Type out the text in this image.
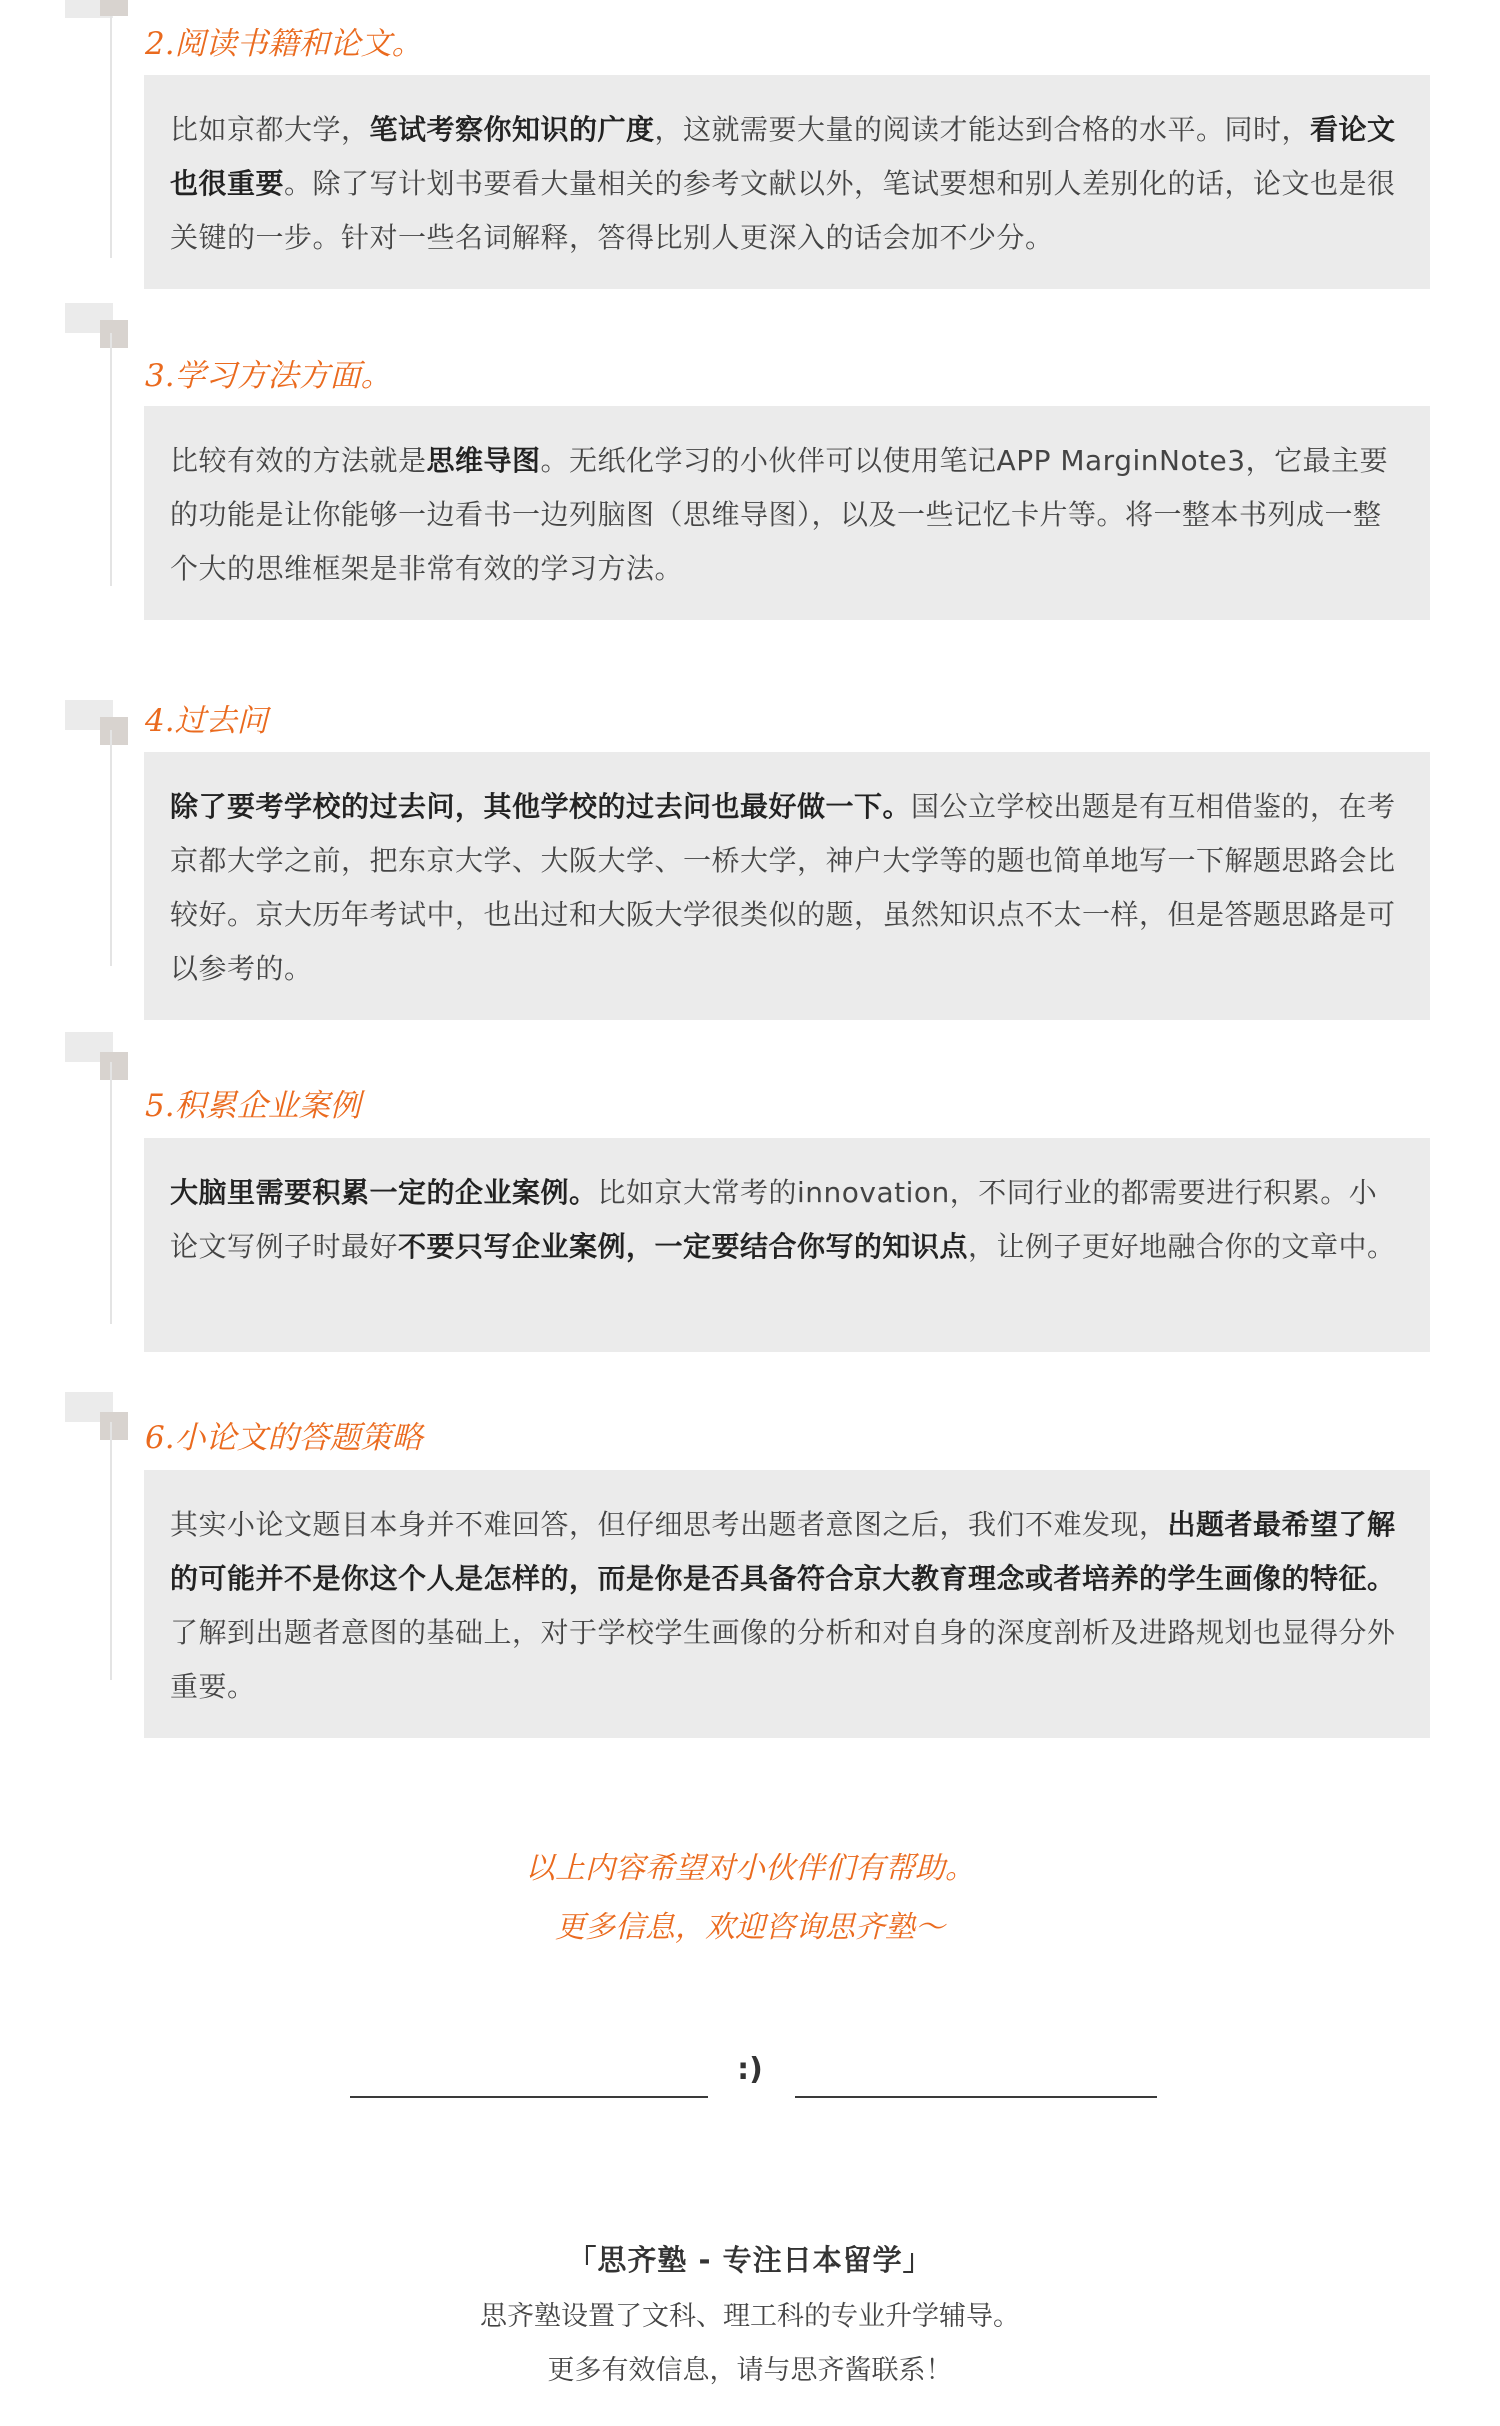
2.阅读书籍和论文。

比如京都大学，笔试考察你知识的广度，这就需要大量的阅读才能达到合格的水平。同时，看论文也很重要。除了写计划书要看大量相关的参考文献以外，笔试要想和别人差别化的话，论文也是很关键的一步。针对一些名词解释，答得比别人更深入的话会加不少分。

3.学习方法方面。

比较有效的方法就是思维导图。无纸化学习的小伙伴可以使用笔记APP MarginNote3，它最主要的功能是让你能够一边看书一边列脑图（思维导图），以及一些记忆卡片等。将一整本书列成一整个大的思维框架是非常有效的学习方法。

4.过去问

除了要考学校的过去问，其他学校的过去问也最好做一下。国公立学校出题是有互相借鉴的，在考京都大学之前，把东京大学、大阪大学、一桥大学，神户大学等的题也简单地写一下解题思路会比较好。京大历年考试中，也出过和大阪大学很类似的题，虽然知识点不太一样，但是答题思路是可以参考的。

5.积累企业案例

大脑里需要积累一定的企业案例。比如京大常考的innovation，不同行业的都需要进行积累。小论文写例子时最好不要只写企业案例，一定要结合你写的知识点，让例子更好地融合你的文章中。

6.小论文的答题策略

其实小论文题目本身并不难回答，但仔细思考出题者意图之后，我们不难发现，出题者最希望了解的可能并不是你这个人是怎样的，而是你是否具备符合京大教育理念或者培养的学生画像的特征。了解到出题者意图的基础上，对于学校学生画像的分析和对自身的深度剖析及进路规划也显得分外重要。

以上内容希望对小伙伴们有帮助。
更多信息，欢迎咨询思齐塾～
:)
「思齐塾 - 专注日本留学」
思齐塾设置了文科、理工科的专业升学辅导。
更多有效信息，请与思齐酱联系！
